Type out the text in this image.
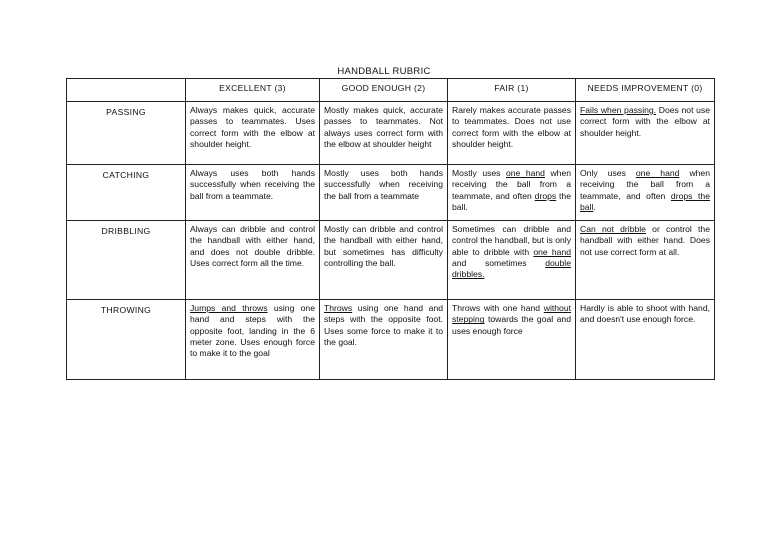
HANDBALL RUBRIC
	EXCELLENT (3)	GOOD ENOUGH (2)	FAIR (1)	NEEDS IMPROVEMENT (0)
PASSING	Always makes quick, accurate passes to teammates. Uses correct form with the elbow at shoulder height.	Mostly makes quick, accurate passes to teammates. Not always uses correct form with the elbow at shoulder height	Rarely makes accurate passes to teammates. Does not use correct form with the elbow at shoulder height.	Fails when passing. Does not use correct form with the elbow at shoulder height.
CATCHING	Always uses both hands successfully when receiving the ball from a teammate.	Mostly uses both hands successfully when receiving the ball from a teammate	Mostly uses one hand when receiving the ball from a teammate, and often drops the ball.	Only uses one hand when receiving the ball from a teammate, and often drops the ball.
DRIBBLING	Always can dribble and control the handball with either hand, and does not double dribble. Uses correct form all the time.	Mostly can dribble and control the handball with either hand, but sometimes has difficulty controlling the ball.	Sometimes can dribble and control the handball, but is only able to dribble with one hand and sometimes double dribbles.	Can not dribble or control the handball with either hand. Does not use correct form at all.
THROWING	Jumps and throws using one hand and steps with the opposite foot, landing in the 6 meter zone. Uses enough force to make it to the goal	Throws using one hand and steps with the opposite foot. Uses some force to make it to the goal.	Throws with one hand without stepping towards the goal and uses enough force	Hardly is able to shoot with hand, and doesn't use enough force.
